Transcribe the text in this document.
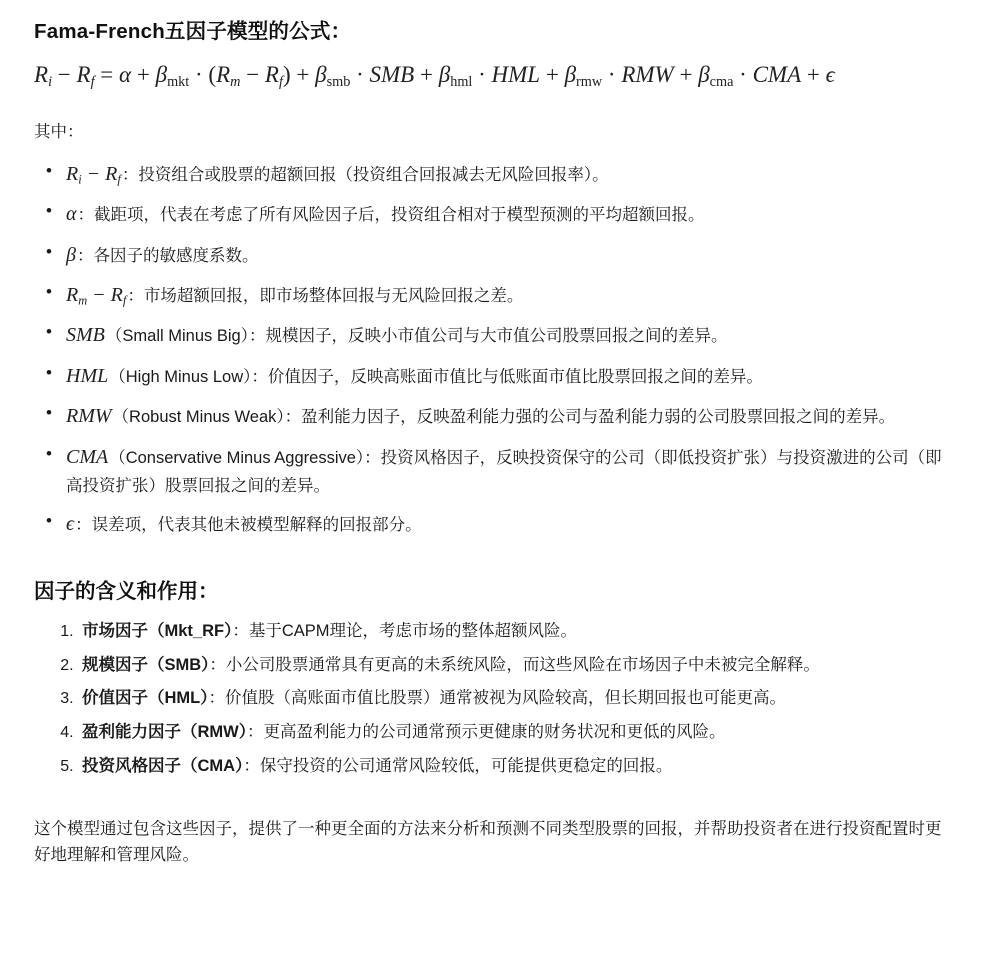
Fama-French五因子模型的公式：
$Ri - Rf = \alpha + \beta_{mkt} \cdot (Rm - Rf) + \beta_{smb}$ · SMB + $\beta_{hml}$ · HML + $\beta_{rmw}$ · RMW + $\beta_{cma}$ · CMA + ϵ

其中：

• Ri − Rf：投资组合或股票的超额回报（投资组合回报减去无风险回报率）。
• α：截距项，代表在考虑了所有风险因子后，投资组合相对于模型预测的平均超额回报。
• β：各因子的敏感度系数。
• Rm − Rf：市场超额回报，即市场整体回报与无风险回报之差。
• SMB（Small Minus Big）：规模因子，反映小市值公司与大市值公司股票回报之间的差异。
• HML（High Minus Low）：价值因子，反映高账面市值比与低账面市值比股票回报之间的差异。
• RMW（Robust Minus Weak）：盈利能力因子，反映盈利能力强的公司与盈利能力弱的公司股票回报之间的差异。
• CMA（Conservative Minus Aggressive）：投资风格因子，反映投资保守的公司（即低投资扩张）与投资激进的公司（即高投资扩张）股票回报之间的差异。
• ϵ：误差项，代表其他未被模型解释的回报部分。
因子的含义和作用：
1. 市场因子（Mkt_RF）：基于CAPM理论，考虑市场的整体超额风险。
2. 规模因子（SMB）：小公司股票通常具有更高的未系统风险，而这些风险在市场因子中未被完全解释。
3. 价值因子（HML）：价值股（高账面市值比股票）通常被视为风险较高，但长期回报也可能更高。
4. 盈利能力因子（RMW）：更高盈利能力的公司通常预示更健康的财务状况和更低的风险。
5. 投资风格因子（CMA）：保守投资的公司通常风险较低，可能提供更稳定的回报。

这个模型通过包含这些因子，提供了一种更全面的方法来分析和预测不同类型股票的回报，并帮助投资者在进行投资配置时更好地理解和管理风险。
